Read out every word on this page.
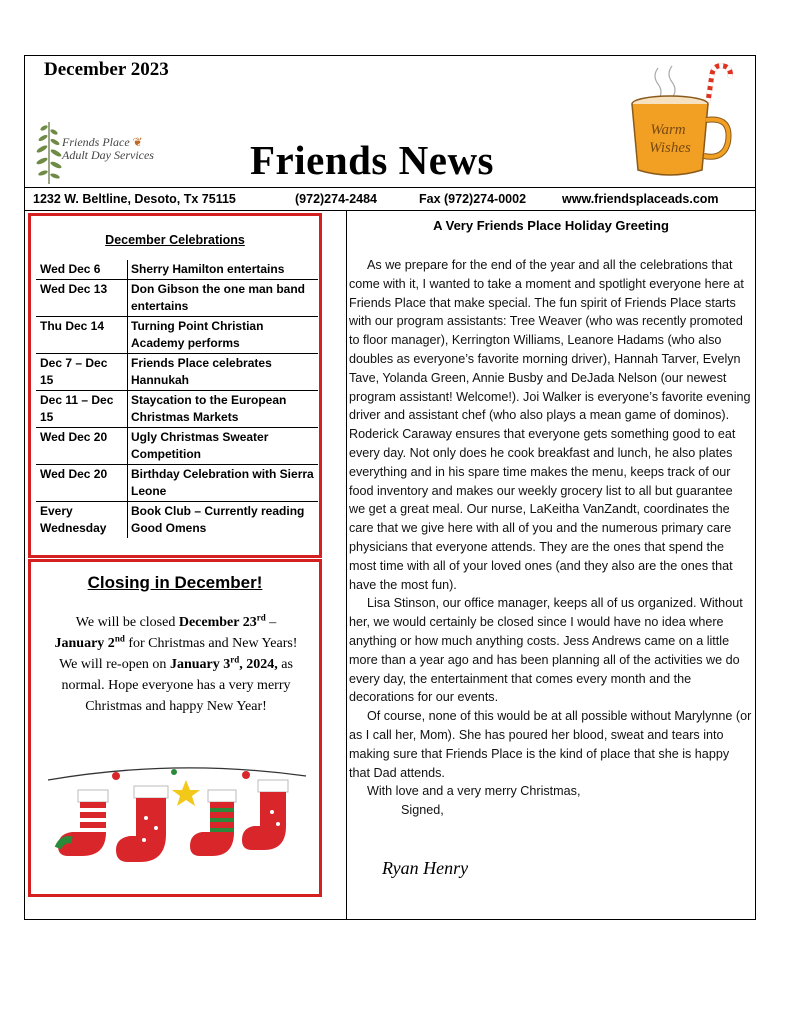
December 2023
Friends Place ❦
Adult Day Services Friends News
Warm
Wishes
1232 W. Beltline, Desoto, Tx 75115	(972)274-2484	Fax (972)274-0002	www.friendsplaceads.com
December Celebrations
Wed Dec 6	Sherry Hamilton entertains
Wed Dec 13	Don Gibson the one man band entertains
Thu Dec 14	Turning Point Christian Academy performs
Dec 7 – Dec 15	Friends Place celebrates Hannukah
Dec 11 – Dec 15	Staycation to the European Christmas Markets
Wed Dec 20	Ugly Christmas Sweater Competition
Wed Dec 20	Birthday Celebration with Sierra Leone
Every Wednesday	Book Club – Currently reading Good Omens
Closing in December!
We will be closed December 23rd – January 2nd for Christmas and New Years! We will re-open on January 3rd, 2024, as normal. Hope everyone has a very merry Christmas and happy New Year!
A Very Friends Place Holiday Greeting

As we prepare for the end of the year and all the celebrations that come with it, I wanted to take a moment and spotlight everyone here at Friends Place that make special. The fun spirit of Friends Place starts with our program assistants: Tree Weaver (who was recently promoted to floor manager), Kerrington Williams, Leanore Hadams (who also doubles as everyone’s favorite morning driver), Hannah Tarver, Evelyn Tave, Yolanda Green, Annie Busby and DeJada Nelson (our newest program assistant! Welcome!). Joi Walker is everyone’s favorite evening driver and assistant chef (who also plays a mean game of dominos). Roderick Caraway ensures that everyone gets something good to eat every day. Not only does he cook breakfast and lunch, he also plates everything and in his spare time makes the menu, keeps track of our food inventory and makes our weekly grocery list to all but guarantee we get a great meal. Our nurse, LaKeitha VanZandt, coordinates the care that we give here with all of you and the numerous primary care physicians that everyone attends. They are the ones that spend the most time with all of your loved ones (and they also are the ones that have the most fun).

Lisa Stinson, our office manager, keeps all of us organized. Without her, we would certainly be closed since I would have no idea where anything or how much anything costs. Jess Andrews came on a little more than a year ago and has been planning all of the activities we do every day, the entertainment that comes every month and the decorations for our events.

Of course, none of this would be at all possible without Marylynne (or as I call her, Mom). She has poured her blood, sweat and tears into making sure that Friends Place is the kind of place that she is happy that Dad attends.

With love and a very merry Christmas,

Signed,

Ryan Henry
